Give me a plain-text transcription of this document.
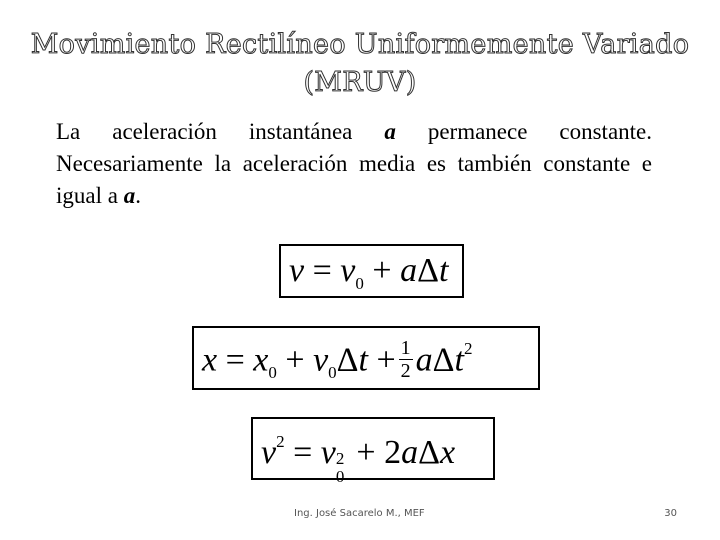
Movimiento Rectilíneo Uniformemente Variado
(MRUV)
La aceleración instantánea a permanece constante. Necesariamente la aceleración media es también constante e igual a a.
$v = v_0 + a\Delta t$
$x = x_0 + v_0\Delta t + \frac{1}{2} a\Delta t^2$
$v^2 = v$ 2
0
+ 2aΔx
Ing. José Sacarelo M., MEF	30
